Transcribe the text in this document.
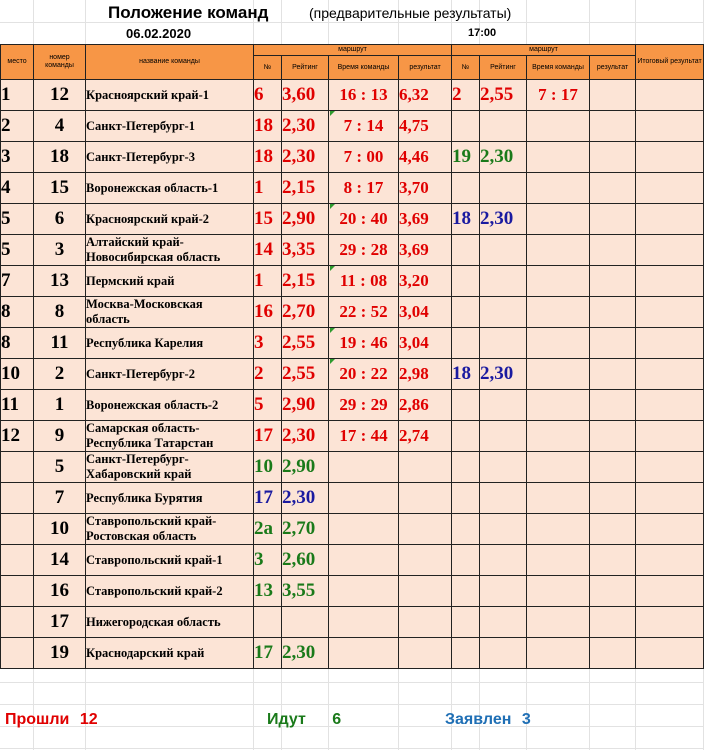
Положение команд	(предварительные результаты)
06.02.2020	17:00
место	номер команды	название команды	маршрут				маршрут				Итоговый результат
			№	Рейтинг	Время команды	результат	№	Рейтинг	Время команды	результат	
1	12	Красноярский край-1	6	3,60	16 : 13	6,32	2	2,55	7 : 17		
2	4	Санкт-Петербург-1	18	2,30	7 : 14	4,75					
3	18	Санкт-Петербург-3	18	2,30	7 : 00	4,46	19	2,30			
4	15	Воронежская область-1	1	2,15	8 : 17	3,70					
5	6	Красноярский край-2	15	2,90	20 : 40	3,69	18	2,30			
5	3	Алтайский край-
Новосибирская область	14	3,35	29 : 28	3,69					
7	13	Пермский край	1	2,15	11 : 08	3,20					
8	8	Москва-Московская
область	16	2,70	22 : 52	3,04					
8	11	Республика Карелия	3	2,55	19 : 46	3,04					
10	2	Санкт-Петербург-2	2	2,55	20 : 22	2,98	18	2,30			
11	1	Воронежская область-2	5	2,90	29 : 29	2,86					
12	9	Самарская область-
Республика Татарстан	17	2,30	17 : 44	2,74					
	5	Санкт-Петербург-
Хабаровский край	10	2,90							
	7	Республика Бурятия	17	2,30							
	10	Ставропольский край-
Ростовская область	2а	2,70							
	14	Ставропольский край-1	3	2,60							
	16	Ставропольский край-2	13	3,55							
	17	Нижегородская область									
	19	Краснодарский край	17	2,30							
Прошли 12	Идут 6	Заявлен 3
